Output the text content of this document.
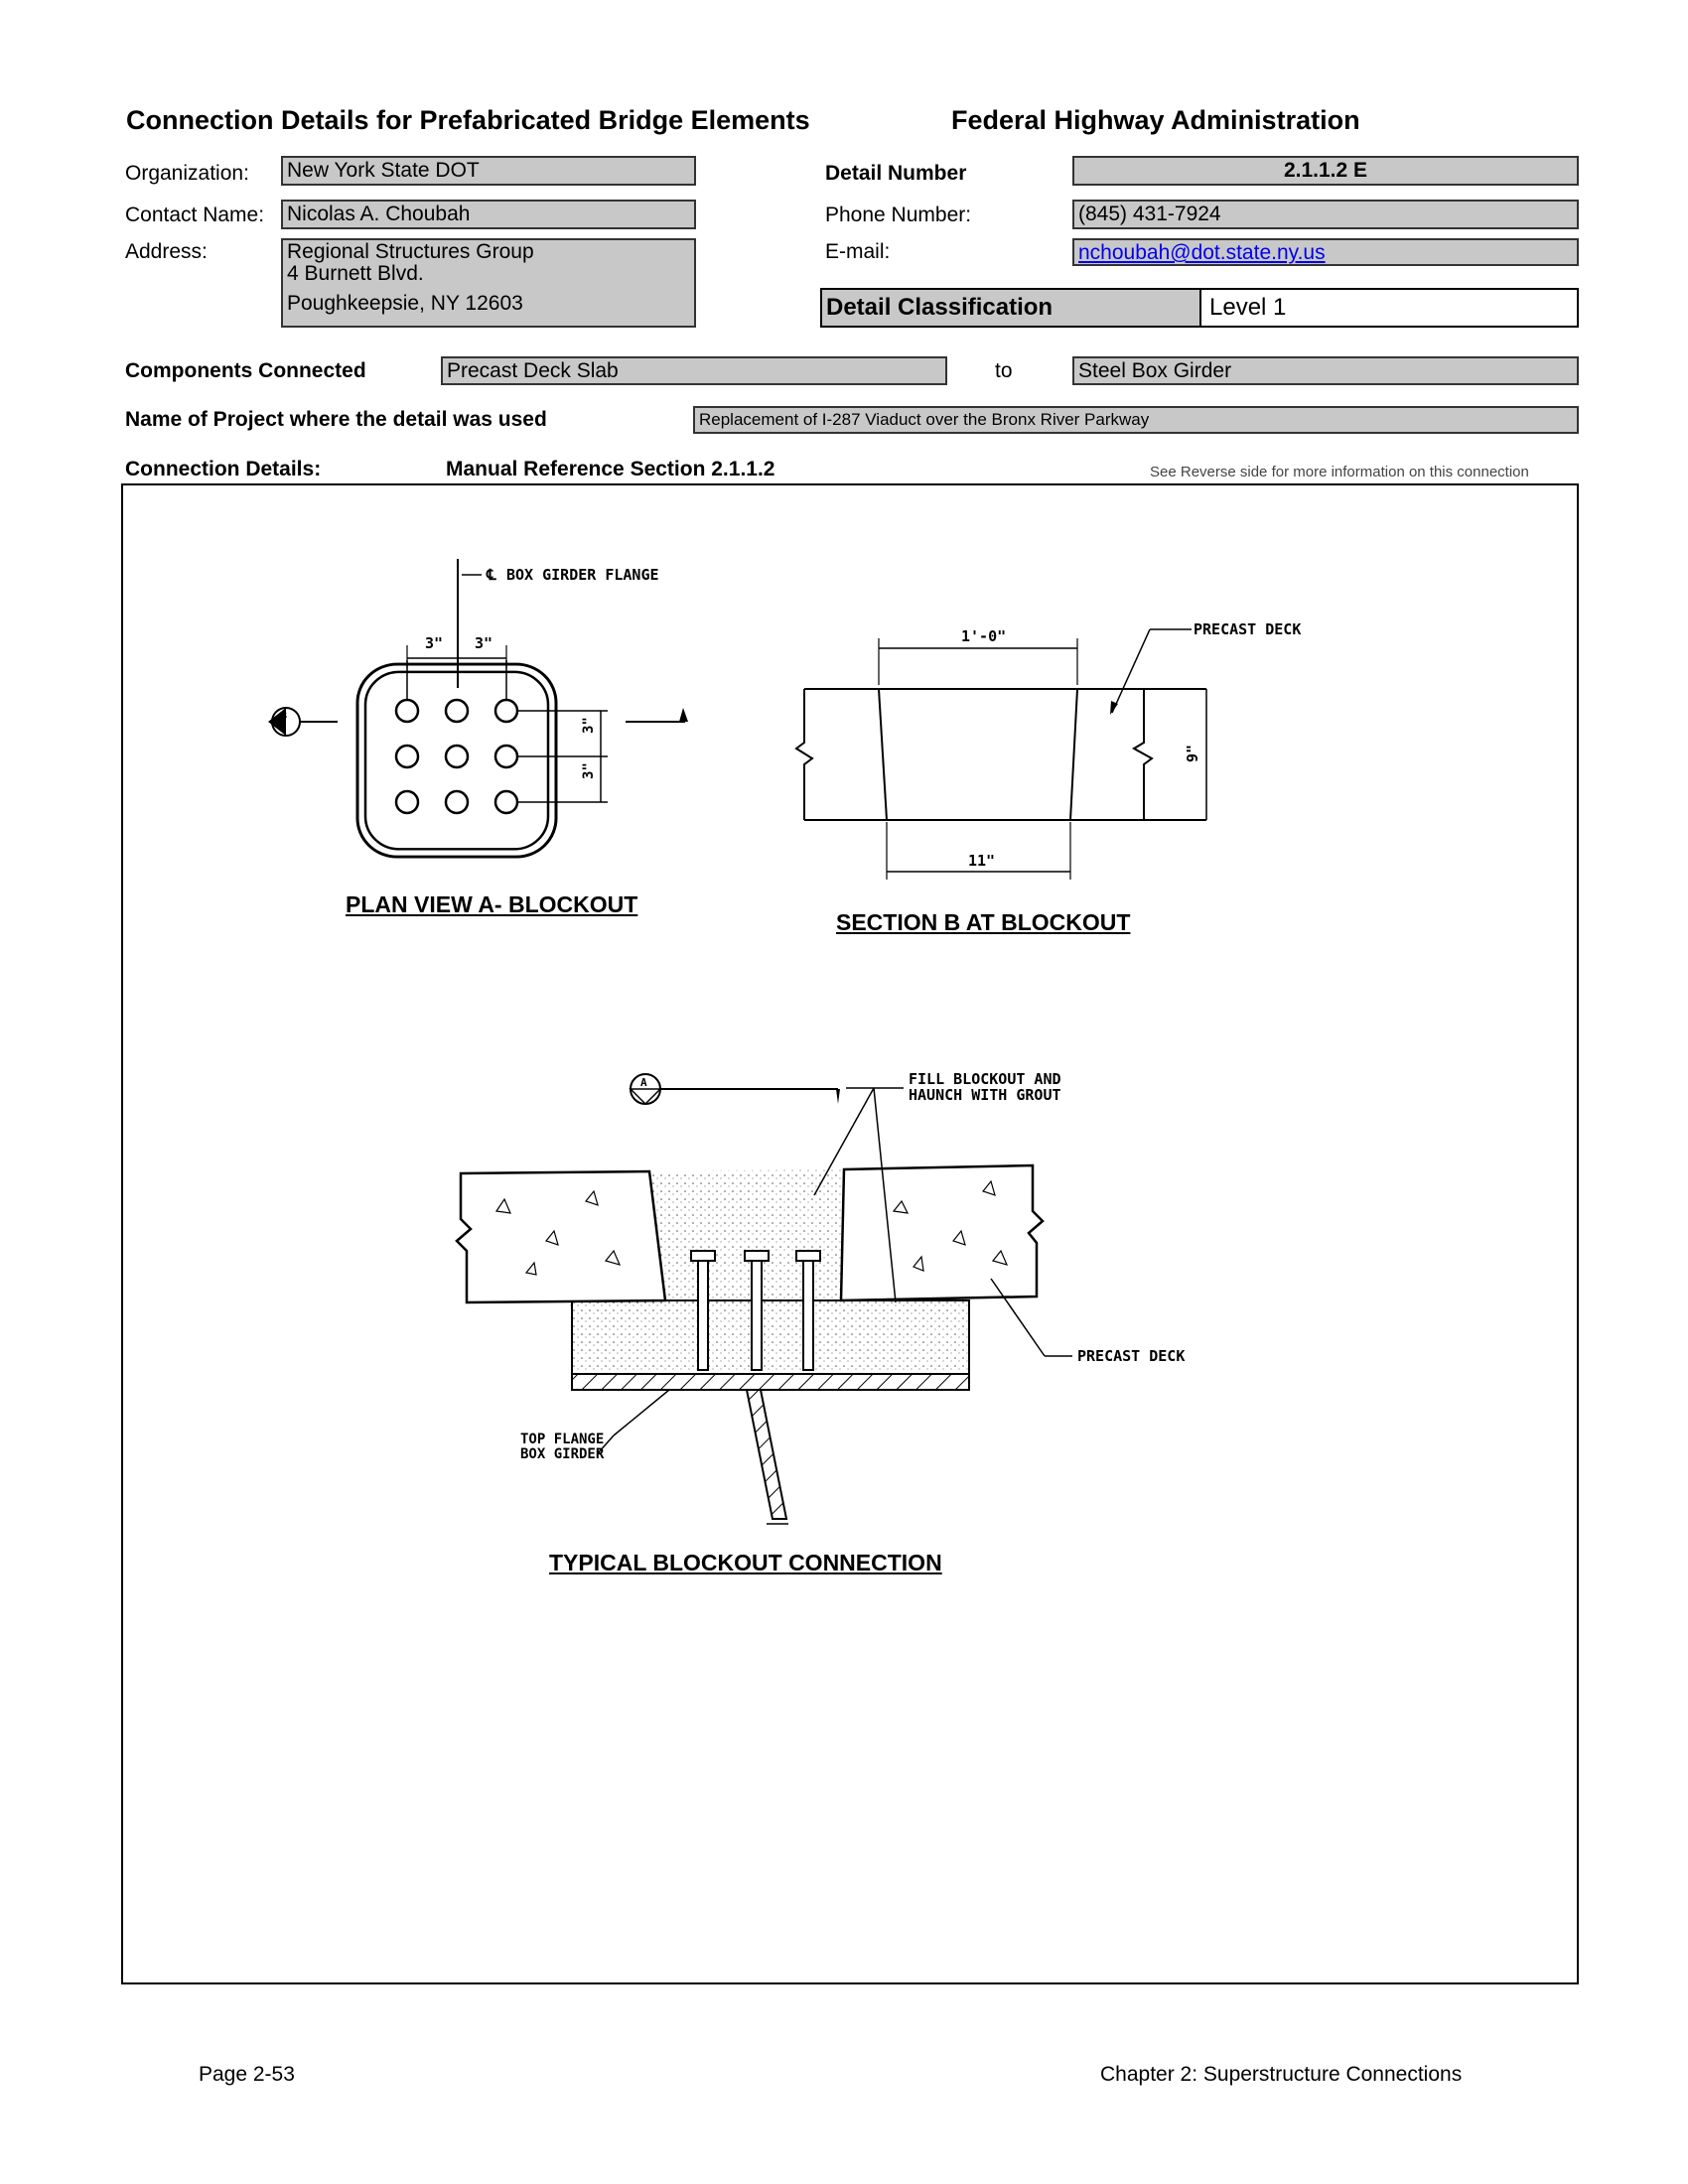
Connection Details for Prefabricated Bridge Elements	Federal Highway Administration
Organization: New York State DOT
Contact Name: Nicolas A. Choubah
Address:	Regional Structures Group
4 Burnett Blvd.
Poughkeepsie, NY 12603
Detail Number	2.1.1.2 E
Phone Number:	(845) 431-7924
E-mail:	nchoubah@dot.state.ny.us
Detail Classification	Level 1
Components Connected	Precast Deck Slab	to	Steel Box Girder
Name of Project where the detail was used	Replacement of I-287 Viaduct over the Bronx River Parkway
Connection Details:	Manual Reference Section 2.1.1.2	See Reverse side for more information on this connection
℄ BOX GIRDER FLANGE
3" 3"
3"
3"
B
PLAN VIEW A- BLOCKOUT
1'-0"
11"
9"
PRECAST DECK
SECTION B AT BLOCKOUT
A	FILL BLOCKOUT AND
HAUNCH WITH GROUT
PRECAST DECK
TOP FLANGE
BOX GIRDER
TYPICAL BLOCKOUT CONNECTION
Page 2-53	Chapter 2: Superstructure Connections
